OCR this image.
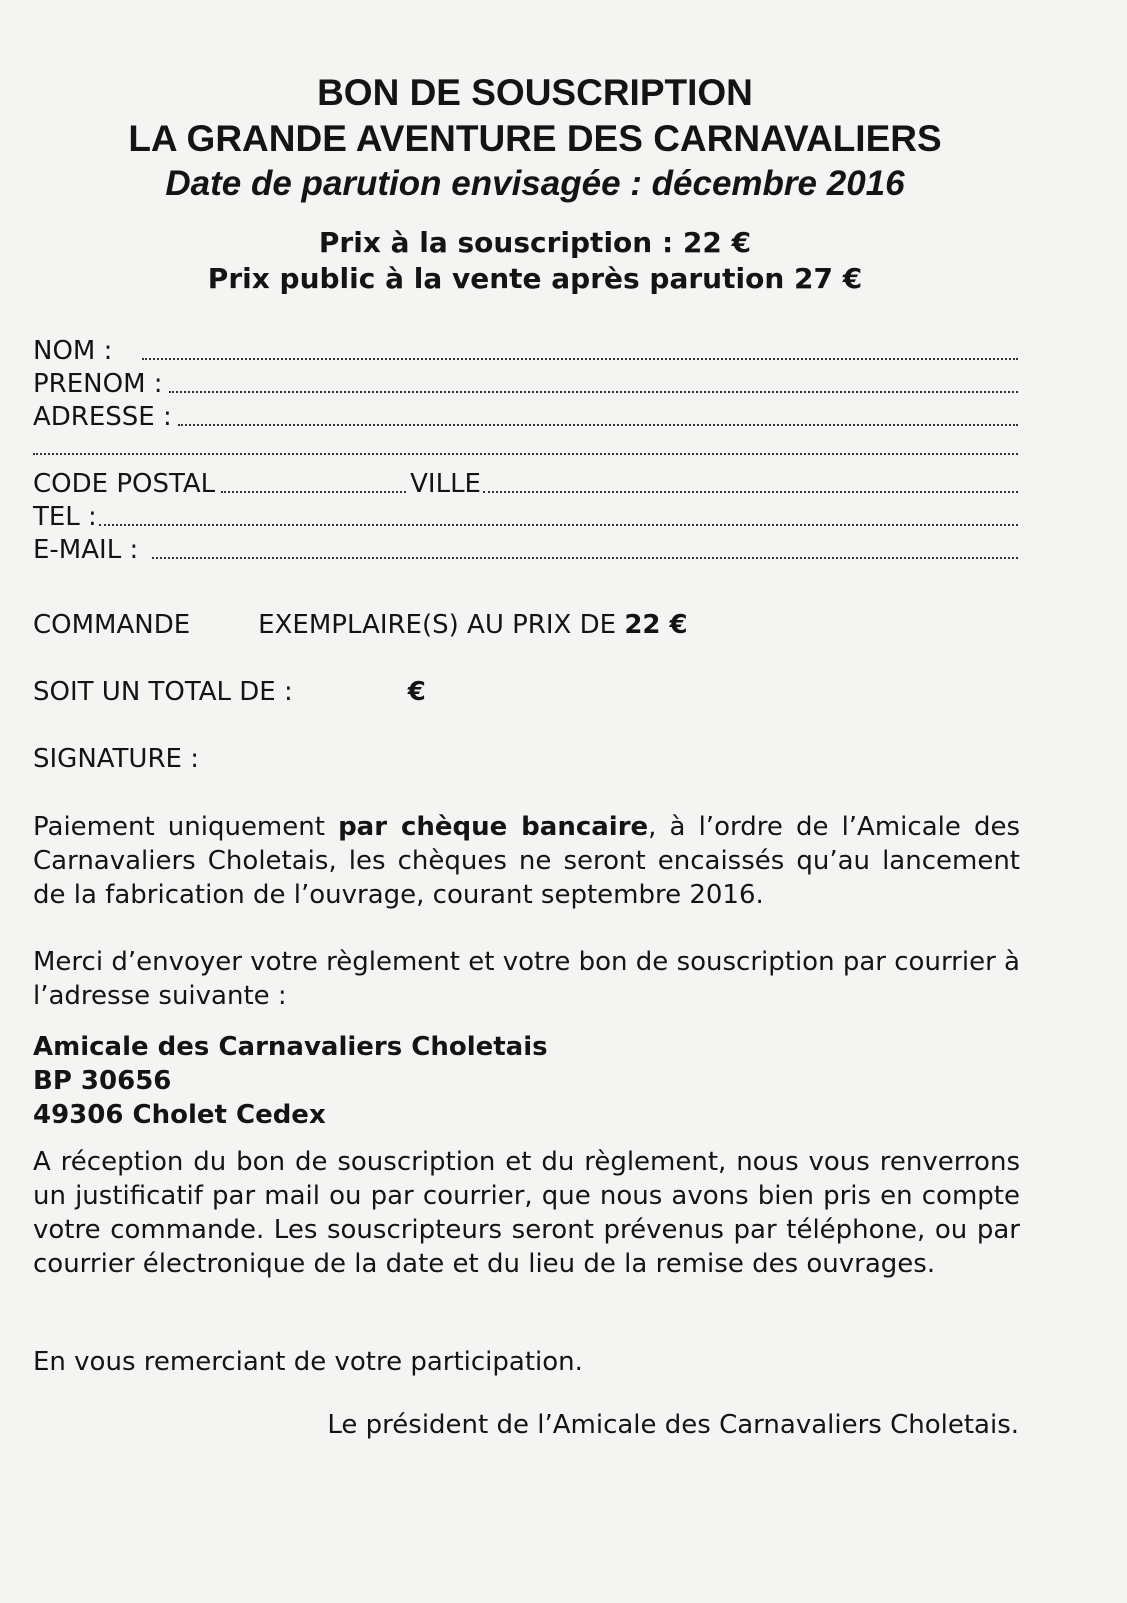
BON DE SOUSCRIPTION
LA GRANDE AVENTURE DES CARNAVALIERS
Date de parution envisagée : décembre 2016
Prix à la souscription : 22 €
Prix public à la vente après parution 27 €
NOM :
PRENOM :
ADRESSE :
CODE POSTAL	VILLE
TEL :
E-MAIL :
COMMANDE	EXEMPLAIRE(S) AU PRIX DE 22 €
SOIT UN TOTAL DE :	€
SIGNATURE :
Paiement uniquement par chèque bancaire, à l’ordre de l’Amicale des Carnavaliers Choletais, les chèques ne seront encaissés qu’au lancement de la fabrication de l’ouvrage, courant septembre 2016.
Merci d’envoyer votre règlement et votre bon de souscription par courrier à l’adresse suivante :
Amicale des Carnavaliers Choletais
BP 30656
49306 Cholet Cedex
A réception du bon de souscription et du règlement, nous vous renverrons un justificatif par mail ou par courrier, que nous avons bien pris en compte votre commande. Les souscripteurs seront prévenus par téléphone, ou par courrier électronique de la date et du lieu de la remise des ouvrages.
En vous remerciant de votre participation.
Le président de l’Amicale des Carnavaliers Choletais.
